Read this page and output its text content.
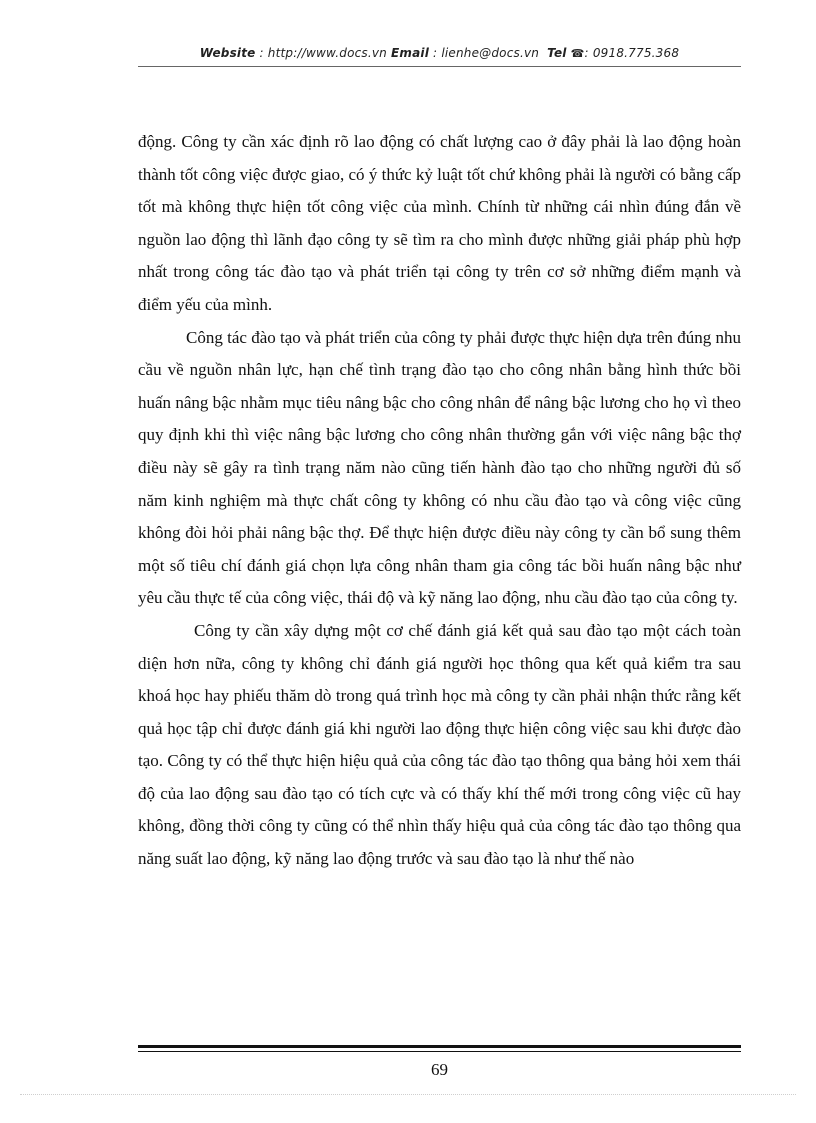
Website : http://www.docs.vn Email : lienhe@docs.vn Tel ☎: 0918.775.368

động. Công ty cần xác định rõ lao động có chất lượng cao ở đây phải là lao động hoàn thành tốt công việc được giao, có ý thức kỷ luật tốt chứ không phải là người có bằng cấp tốt mà không thực hiện tốt công việc của mình. Chính từ những cái nhìn đúng đắn về nguồn lao động thì lãnh đạo công ty sẽ tìm ra cho mình được những giải pháp phù hợp nhất trong công tác đào tạo và phát triển tại công ty trên cơ sở những điểm mạnh và điểm yếu của mình.

Công tác đào tạo và phát triển của công ty phải được thực hiện dựa trên đúng nhu cầu về nguồn nhân lực, hạn chế tình trạng đào tạo cho công nhân bằng hình thức bồi huấn nâng bậc nhằm mục tiêu nâng bậc cho công nhân để nâng bậc lương cho họ vì theo quy định khi thì việc nâng bậc lương cho công nhân thường gắn với việc nâng bậc thợ điều này sẽ gây ra tình trạng năm nào cũng tiến hành đào tạo cho những người đủ số năm kinh nghiệm mà thực chất công ty không có nhu cầu đào tạo và công việc cũng không đòi hỏi phải nâng bậc thợ. Để thực hiện được điều này công ty cần bổ sung thêm một số tiêu chí đánh giá chọn lựa công nhân tham gia công tác bồi huấn nâng bậc như yêu cầu thực tế của công việc, thái độ và kỹ năng lao động, nhu cầu đào tạo của công ty.

Công ty cần xây dựng một cơ chế đánh giá kết quả sau đào tạo một cách toàn diện hơn nữa, công ty không chỉ đánh giá người học thông qua kết quả kiểm tra sau khoá học hay phiếu thăm dò trong quá trình học mà công ty cần phải nhận thức rằng kết quả học tập chỉ được đánh giá khi người lao động thực hiện công việc sau khi được đào tạo. Công ty có thể thực hiện hiệu quả của công tác đào tạo thông qua bảng hỏi xem thái độ của lao động sau đào tạo có tích cực và có thấy khí thế mới trong công việc cũ hay không, đồng thời công ty cũng có thể nhìn thấy hiệu quả của công tác đào tạo thông qua năng suất lao động, kỹ năng lao động trước và sau đào tạo là như thế nào

69
